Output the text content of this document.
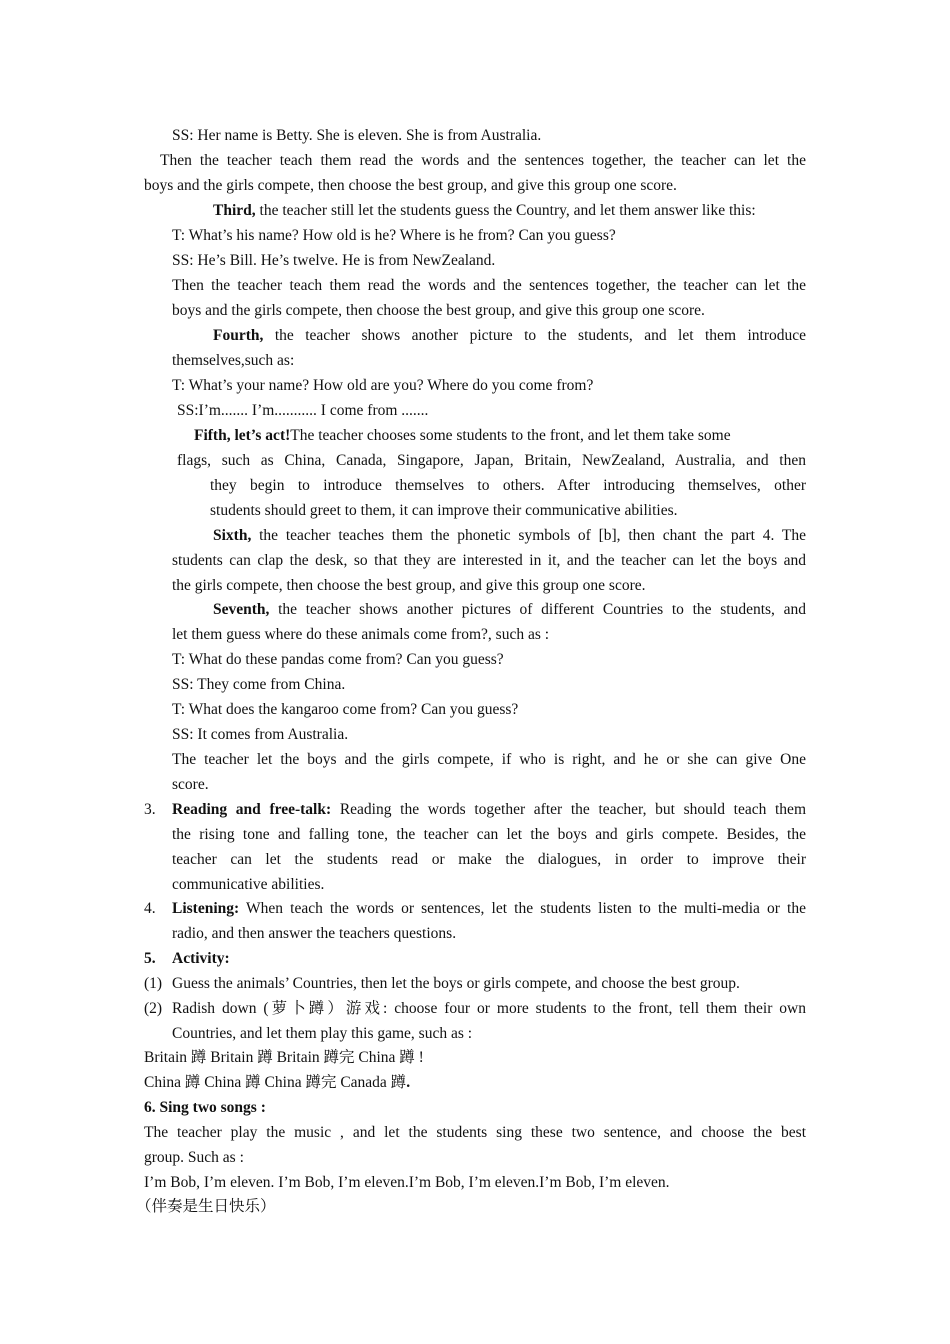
SS: Her name is Betty. She is eleven. She is from Australia.
Then the teacher teach them read the words and the sentences together, the teacher can let the
boys and the girls compete, then choose the best group, and give this group one score.
Third, the teacher still let the students guess the Country, and let them answer like this:
T: What’s his name? How old is he? Where is he from? Can you guess?
SS: He’s Bill. He’s twelve. He is from NewZealand.
Then the teacher teach them read the words and the sentences together, the teacher can let the
boys and the girls compete, then choose the best group, and give this group one score.
Fourth, the teacher shows another picture to the students, and let them introduce
themselves,such as:
T: What’s your name? How old are you? Where do you come from?
SS:I’m....... I’m........... I come from .......
Fifth, let’s act!The teacher chooses some students to the front, and let them take some
flags, such as China, Canada, Singapore, Japan, Britain, NewZealand, Australia, and then
they begin to introduce themselves to others. After introducing themselves, other
students should greet to them, it can improve their communicative abilities.
Sixth, the teacher teaches them the phonetic symbols of [b], then chant the part 4. The
students can clap the desk, so that they are interested in it, and the teacher can let the boys and
the girls compete, then choose the best group, and give this group one score.
Seventh, the teacher shows another pictures of different Countries to the students, and
let them guess where do these animals come from?, such as :
T: What do these pandas come from? Can you guess?
SS: They come from China.
T: What does the kangaroo come from? Can you guess?
SS: It comes from Australia.
The teacher let the boys and the girls compete, if who is right, and he or she can give One
score.
3. Reading and free-talk: Reading the words together after the teacher, but should teach them
the rising tone and falling tone, the teacher can let the boys and girls compete. Besides, the
teacher can let the students read or make the dialogues, in order to improve their
communicative abilities.
4. Listening: When teach the words or sentences, let the students listen to the multi-media or the
radio, and then answer the teachers questions.
5. Activity:
(1) Guess the animals’ Countries, then let the boys or girls compete, and choose the best group.
(2) Radish down (萝卜蹲）游戏: choose four or more students to the front, tell them their own
Countries, and let them play this game, such as :
Britain 蹲 Britain 蹲 Britain 蹲完 China 蹲 !
China 蹲 China 蹲 China 蹲完 Canada 蹲.
6. Sing two songs :
The teacher play the music , and let the students sing these two sentence, and choose the best
group. Such as :
I’m Bob, I’m eleven. I’m Bob, I’m eleven.I’m Bob, I’m eleven.I’m Bob, I’m eleven.
（伴奏是生日快乐）
